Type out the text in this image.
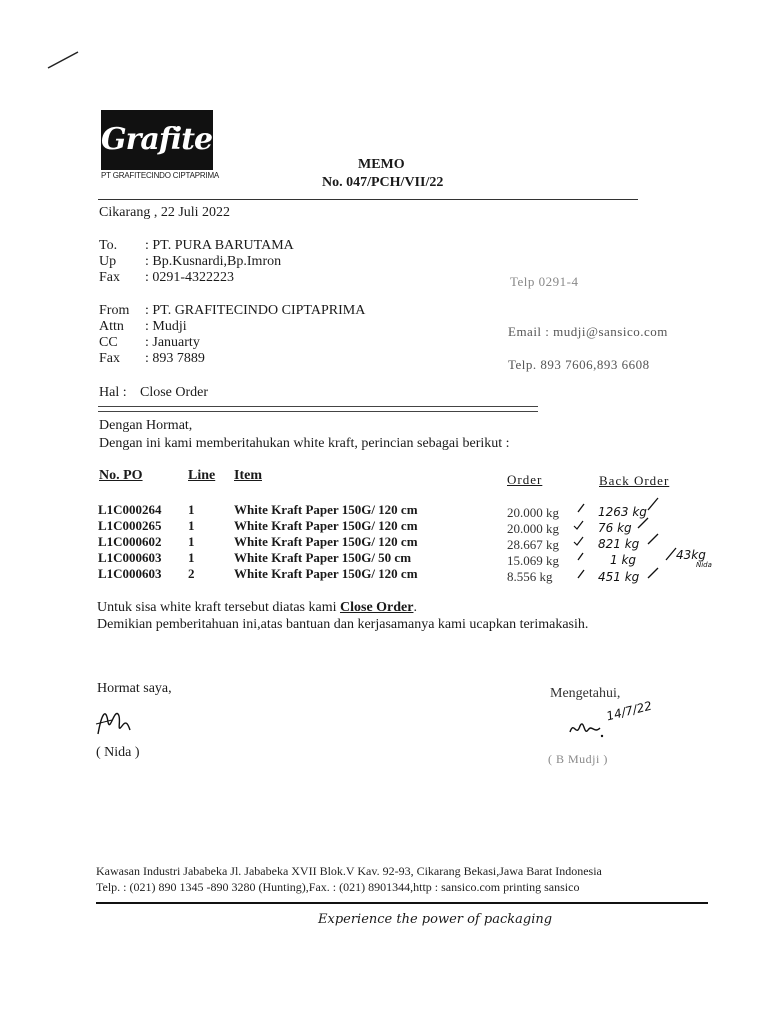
Grafitec
PT GRAFITECINDO CIPTAPRIMA
MEMO
No. 047/PCH/VII/22
Cikarang , 22 Juli 2022
To. : PT. PURA BARUTAMA
Up : Bp.Kusnardi,Bp.Imron
Fax : 0291-4322223	Telp 0291-4
From : PT. GRAFITECINDO CIPTAPRIMA
Attn : Mudji
CC : Januarty
Fax : 893 7889
Email : mudji@sansico.com
Telp. 893 7606,893 6608
Hal : Close Order
Dengan Hormat,
Dengan ini kami memberitahukan white kraft, perincian sebagai berikut :
No. PO	Line Item	Order	Back Order
L1C000264 1	White Kraft Paper 150G/ 120 cm	20.000 kg	1263 kg
L1C000265 1	White Kraft Paper 150G/ 120 cm	20.000 kg	76 kg
L1C000602 1	White Kraft Paper 150G/ 120 cm	28.667 kg	821 kg
L1C000603 1	White Kraft Paper 150G/ 50 cm	15.069 kg	1 kg	43kg
Nida
L1C000603 2	White Kraft Paper 150G/ 120 cm	8.556 kg	451 kg
Untuk sisa white kraft tersebut diatas kami Close Order.
Demikian pemberitahuan ini,atas bantuan dan kerjasamanya kami ucapkan terimakasih.
Hormat saya,
( Nida )
Mengetahui,
14/7/22
( B Mudji )
Kawasan Industri Jababeka Jl. Jababeka XVII Blok.V Kav. 92-93, Cikarang Bekasi,Jawa Barat Indonesia
Telp. : (021) 890 1345 -890 3280 (Hunting),Fax. : (021) 8901344,http : sansico.com printing sansico
Experience the power of packaging
